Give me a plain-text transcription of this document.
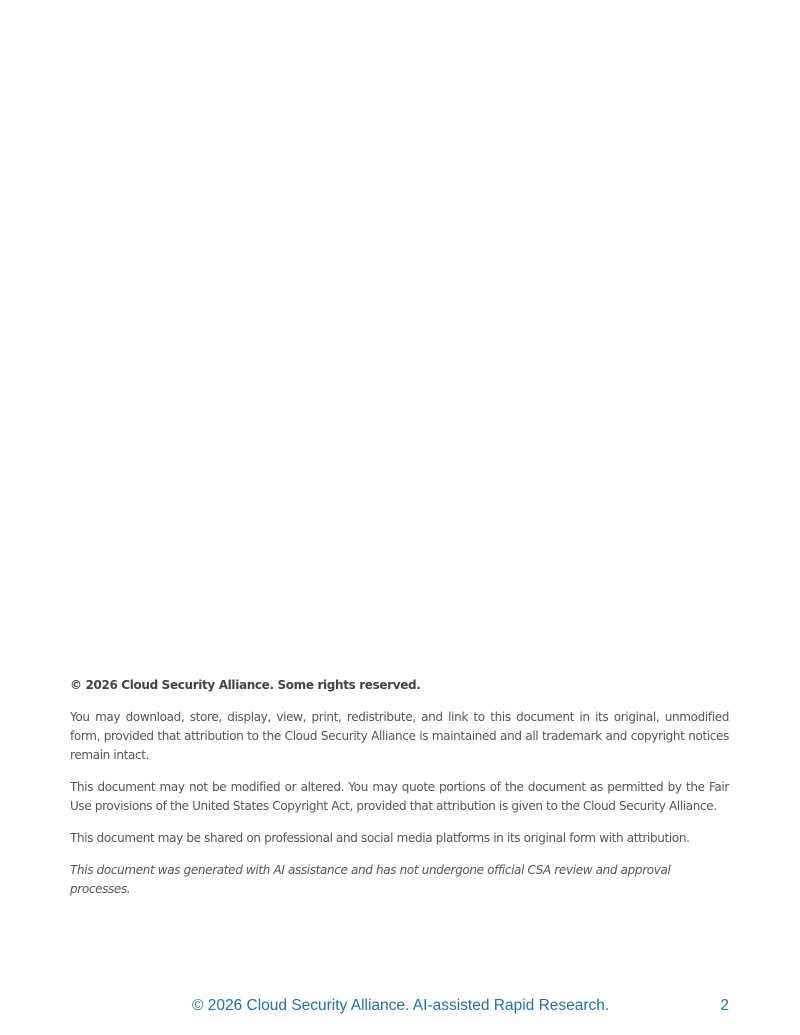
© 2026 Cloud Security Alliance. Some rights reserved.

You may download, store, display, view, print, redistribute, and link to this document in its original, unmodified form, provided that attribution to the Cloud Security Alliance is maintained and all trademark and copyright notices remain intact.

This document may not be modified or altered. You may quote portions of the document as permitted by the Fair Use provisions of the United States Copyright Act, provided that attribution is given to the Cloud Security Alliance.

This document may be shared on professional and social media platforms in its original form with attribution.

This document was generated with AI assistance and has not undergone official CSA review and approval processes.

© 2026 Cloud Security Alliance. AI-assisted Rapid Research.	2
